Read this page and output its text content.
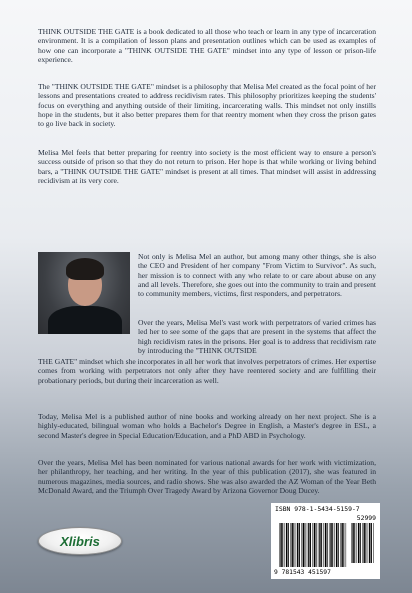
THINK OUTSIDE THE GATE is a book dedicated to all those who teach or learn in any type of incarceration environment. It is a compilation of lesson plans and presentation outlines which can be used as examples of how one can incorporate a "THINK OUTSIDE THE GATE" mindset into any type of lesson or prison-life experience.

The "THINK OUTSIDE THE GATE" mindset is a philosophy that Melisa Mel created as the focal point of her lessons and presentations created to address recidivism rates. This philosophy prioritizes keeping the students' focus on everything and anything outside of their limiting, incarcerating walls. This mindset not only instills hope in the students, but it also better prepares them for that reentry moment when they cross the prison gates to go live back in society.

Melisa Mel feels that better preparing for reentry into society is the most efficient way to ensure a person's success outside of prison so that they do not return to prison. Her hope is that while working or living behind bars, a "THINK OUTSIDE THE GATE" mindset is present at all times. That mindset will assist in addressing recidivism at its very core.

Not only is Melisa Mel an author, but among many other things, she is also the CEO and President of her company "From Victim to Survivor". As such, her mission is to connect with any who relate to or care about abuse on any and all levels. Therefore, she goes out into the community to train and present to community members, victims, first responders, and perpetrators.

Over the years, Melisa Mel's vast work with perpetrators of varied crimes has led her to see some of the gaps that are present in the systems that affect the high recidivism rates in the prisons. Her goal is to address that recidivism rate by introducing the "THINK OUTSIDE

THE GATE" mindset which she incorporates in all her work that involves perpetrators of crimes. Her expertise comes from working with perpetrators not only after they have reentered society and are fulfilling their probationary periods, but during their incarceration as well.

Today, Melisa Mel is a published author of nine books and working already on her next project. She is a highly-educated, bilingual woman who holds a Bachelor's Degree in English, a Master's degree in ESL, a second Master's degree in Special Education/Education, and a PhD ABD in Psychology.

Over the years, Melisa Mel has been nominated for various national awards for her work with victimization, her philanthropy, her teaching, and her writing. In the year of this publication (2017), she was featured in numerous magazines, media sources, and radio shows. She was also awarded the AZ Woman of the Year Beth McDonald Award, and the Triumph Over Tragedy Award by Arizona Governor Doug Ducey.

Xlibris
ISBN 978-1-5434-5159-7
52999
9 781543 451597
